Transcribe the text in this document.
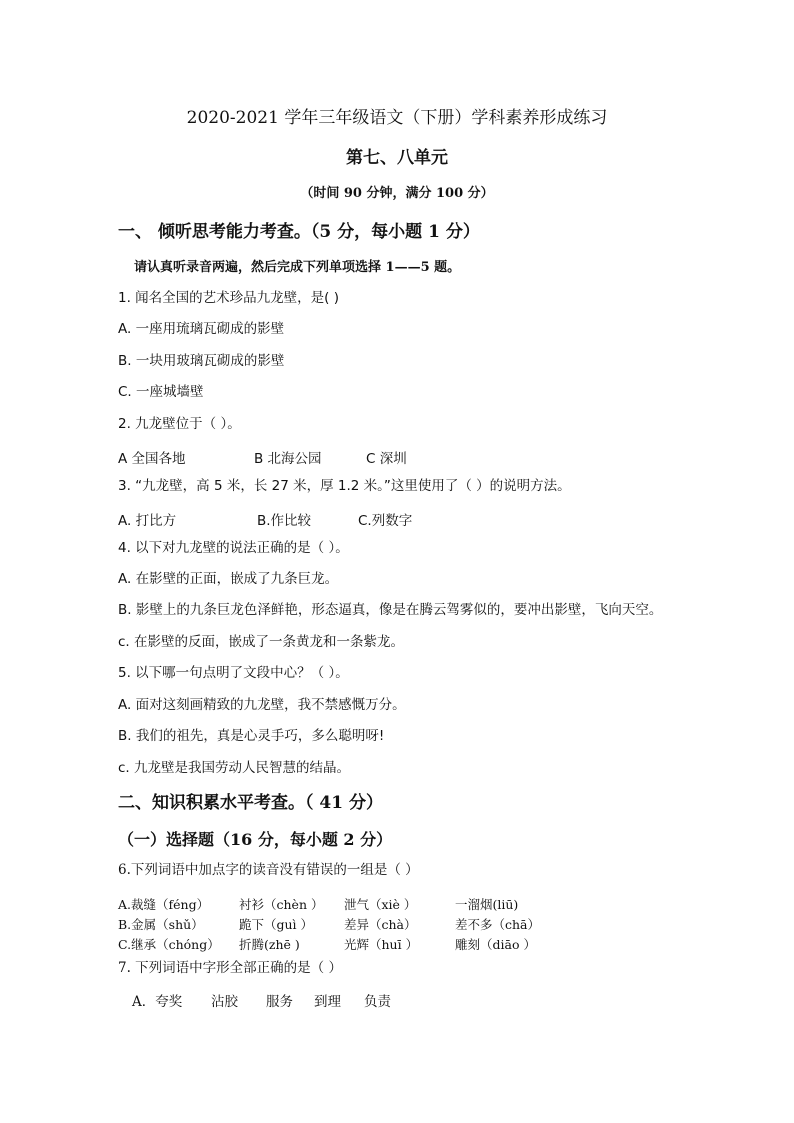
2020-2021 学年三年级语文（下册）学科素养形成练习
第七、八单元
（时间 90 分钟，满分 100 分）
一、 倾听思考能力考查。（5 分，每小题 1 分）
请认真听录音两遍，然后完成下列单项选择 1——5 题。
1. 闻名全国的艺术珍品九龙壁，是( )
A. 一座用琉璃瓦砌成的影壁
B. 一块用玻璃瓦砌成的影壁
C. 一座城墙壁
2. 九龙壁位于（ ）。
A 全国各地	B 北海公园	C 深圳
3. “九龙壁，高 5 米，长 27 米，厚 1.2 米。”这里使用了（ ）的说明方法。
A. 打比方	B.作比较	C.列数字
4. 以下对九龙壁的说法正确的是（ ）。
A. 在影壁的正面，嵌成了九条巨龙。
B. 影壁上的九条巨龙色泽鲜艳，形态逼真，像是在腾云驾雾似的，要冲出影壁，飞向天空。
c. 在影壁的反面，嵌成了一条黄龙和一条紫龙。
5. 以下哪一句点明了文段中心？（ ）。
A. 面对这刻画精致的九龙壁，我不禁感慨万分。
B. 我们的祖先，真是心灵手巧，多么聪明呀!
c. 九龙壁是我国劳动人民智慧的结晶。
二、知识积累水平考查。（ 41 分）
（一）选择题（16 分，每小题 2 分）
6.下列词语中加点字的读音没有错误的一组是（ ）
A.裁缝（féng） 衬衫（chèn ） 泄气（xiè ）	一溜烟(liū)
B.金属（shǔ）	跪下（guì ） 差异（chà）	差不多（chā）
C.继承（chóng） 折腾(zhē )	光辉（huī ）	雕刻（diāo ）
7. 下列词语中字形全部正确的是（ ）
A．夸奖 沾胶 服务 到理 负责
